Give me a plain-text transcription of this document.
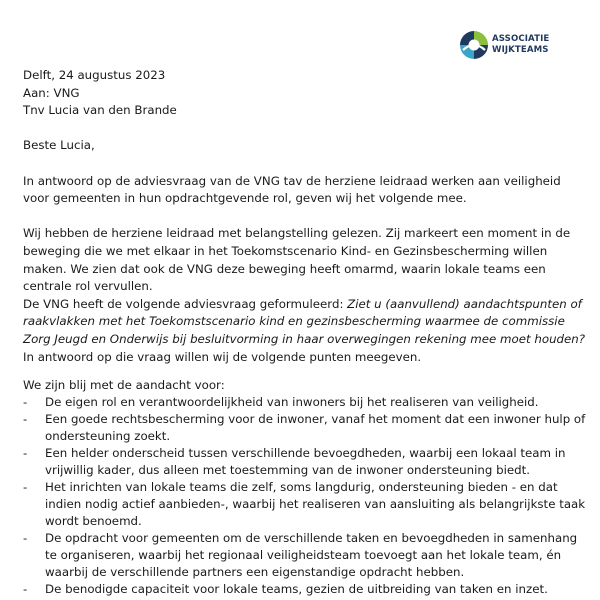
ASSOCIATIE
WIJKTEAMS

Delft, 24 augustus 2023

Aan: VNG

Tnv Lucia van den Brande

Beste Lucia,

In antwoord op de adviesvraag van de VNG tav de herziene leidraad werken aan veiligheid voor gemeenten in hun opdrachtgevende rol, geven wij het volgende mee.

Wij hebben de herziene leidraad met belangstelling gelezen. Zij markeert een moment in de beweging die we met elkaar in het Toekomstscenario Kind- en Gezinsbescherming willen maken. We zien dat ook de VNG deze beweging heeft omarmd, waarin lokale teams een centrale rol vervullen.

De VNG heeft de volgende adviesvraag geformuleerd: Ziet u (aanvullend) aandachtspunten of raakvlakken met het Toekomstscenario kind en gezinsbescherming waarmee de commissie Zorg Jeugd en Onderwijs bij besluitvorming in haar overwegingen rekening mee moet houden?

In antwoord op die vraag willen wij de volgende punten meegeven.

We zijn blij met de aandacht voor:

- De eigen rol en verantwoordelijkheid van inwoners bij het realiseren van veiligheid.
- Een goede rechtsbescherming voor de inwoner, vanaf het moment dat een inwoner hulp of ondersteuning zoekt.
- Een helder onderscheid tussen verschillende bevoegdheden, waarbij een lokaal team in vrijwillig kader, dus alleen met toestemming van de inwoner ondersteuning biedt.
- Het inrichten van lokale teams die zelf, soms langdurig, ondersteuning bieden - en dat indien nodig actief aanbieden-, waarbij het realiseren van aansluiting als belangrijkste taak wordt benoemd.
- De opdracht voor gemeenten om de verschillende taken en bevoegdheden in samenhang te organiseren, waarbij het regionaal veiligheidsteam toevoegt aan het lokale team, én waarbij de verschillende partners een eigenstandige opdracht hebben.
- De benodigde capaciteit voor lokale teams, gezien de uitbreiding van taken en inzet.
